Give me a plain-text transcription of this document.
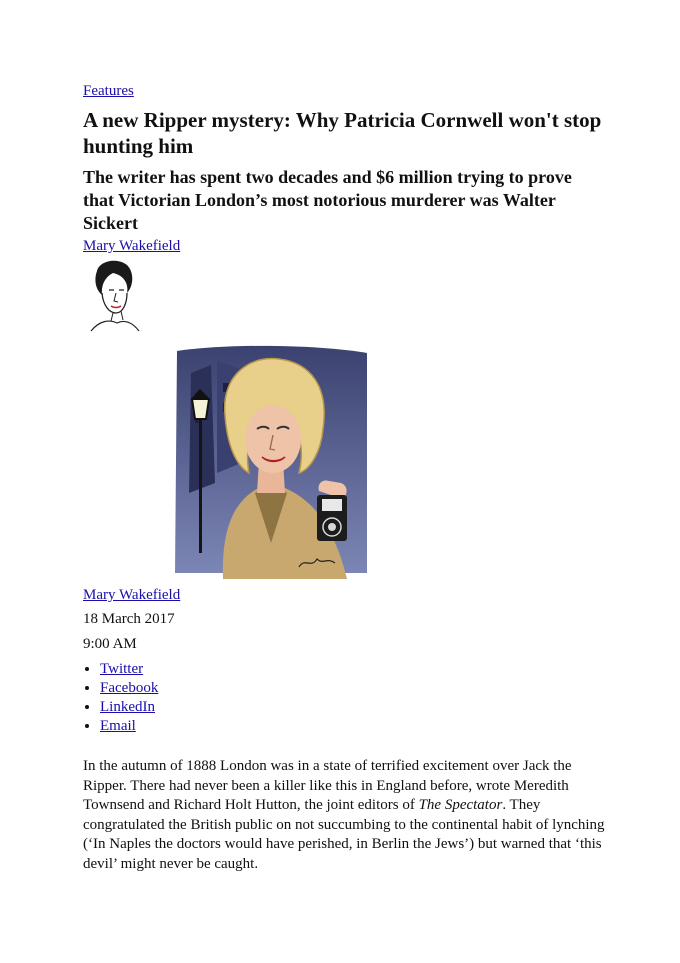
Features
A new Ripper mystery: Why Patricia Cornwell won't stop hunting him
The writer has spent two decades and $6 million trying to prove that Victorian London’s most notorious murderer was Walter Sickert
Mary Wakefield
Mary Wakefield
18 March 2017
9:00 AM
• Twitter
• Facebook
• LinkedIn
• Email

In the autumn of 1888 London was in a state of terrified excitement over Jack the Ripper. There had never been a killer like this in England before, wrote Meredith Townsend and Richard Holt Hutton, the joint editors of The Spectator. They congratulated the British public on not succumbing to the continental habit of lynching (‘In Naples the doctors would have perished, in Berlin the Jews’) but warned that ‘this devil’ might never be caught.
